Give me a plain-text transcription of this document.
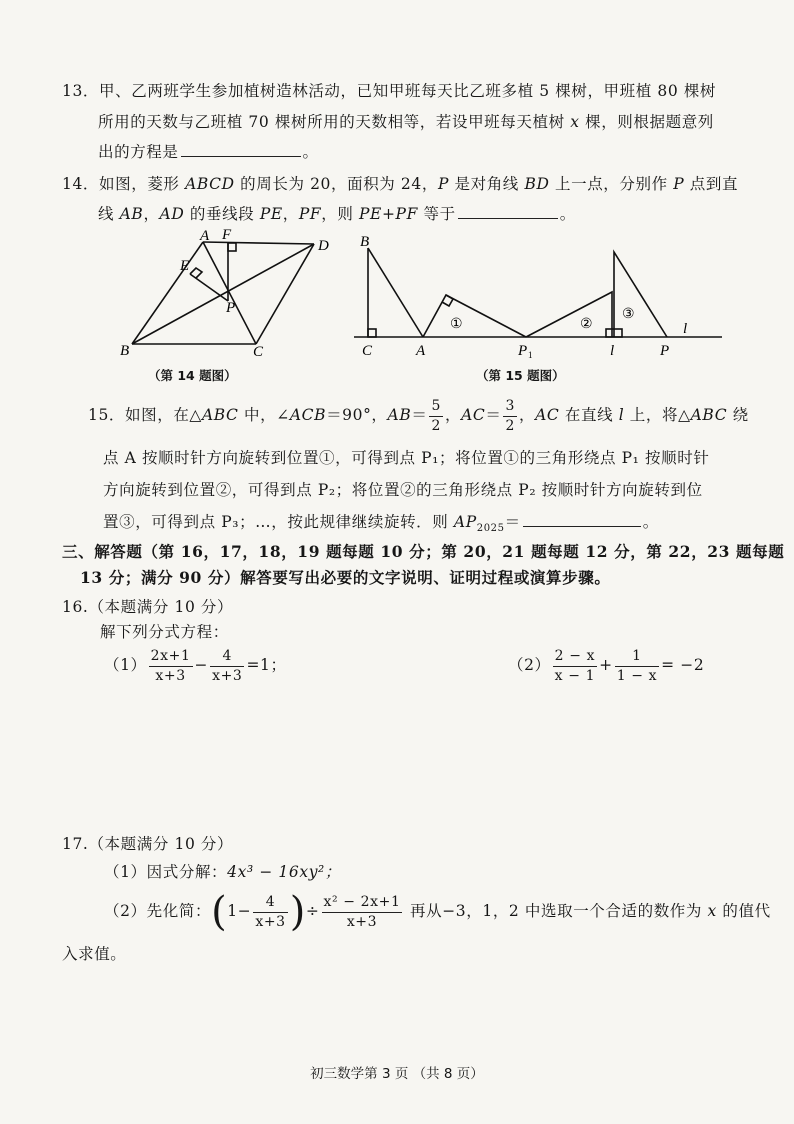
13．甲、乙两班学生参加植树造林活动，已知甲班每天比乙班多植 5 棵树，甲班植 80 棵树
所用的天数与乙班植 70 棵树所用的天数相等，若设甲班每天植树 x 棵，则根据题意列
出的方程是	。
14．如图，菱形 ABCD 的周长为 20，面积为 24，P 是对角线 BD 上一点，分别作 P 点到直
线 AB，AD 的垂线段 PE，PF，则 PE+PF 等于	。
A F
D
E
P
B	C
（第 14 题图）
B
C	A	P 1	l	P
l
①	②
③
（第 15 题图）
15．如图，在△ABC 中，∠ACB＝90°，$AB= \frac{5}{2}$ ，$AC= \frac{3}{2}$ ，AC 在直线 l 上，将△ABC 绕
点 A 按顺时针方向旋转到位置①，可得到点 P₁；将位置①的三角形绕点 P₁ 按顺时针
方向旋转到位置②，可得到点 P₂；将位置②的三角形绕点 P₂ 按顺时针方向旋转到位
置③，可得到点 P₃；…，按此规律继续旋转．则 $AP_{2025}=$	。
三、解答题（第 16，17，18，19 题每题 10 分；第 20，21 题每题 12 分，第 22，23 题每题
13 分；满分 90 分）解答要写出必要的文字说明、证明过程或演算步骤。
16.（本题满分 10 分）
解下列分式方程：
$(1) \frac{2x+1}{x+3} - \frac{4}{x+3} =1$；	$(2) \frac{2 - x}{x - 1} + \frac{1}{1 - x} = -2$
17.（本题满分 10 分）
（1）因式分解：4x³ − 16xy²；
（2）先化简：($1- \frac{4}{x+3}$ )÷ $\frac{\text{x² − 2x+1}}{x+3}$ 再从−3，1，2 中选取一个合适的数作为 x 的值代
入求值。
初三数学第 3 页 （共 8 页）
